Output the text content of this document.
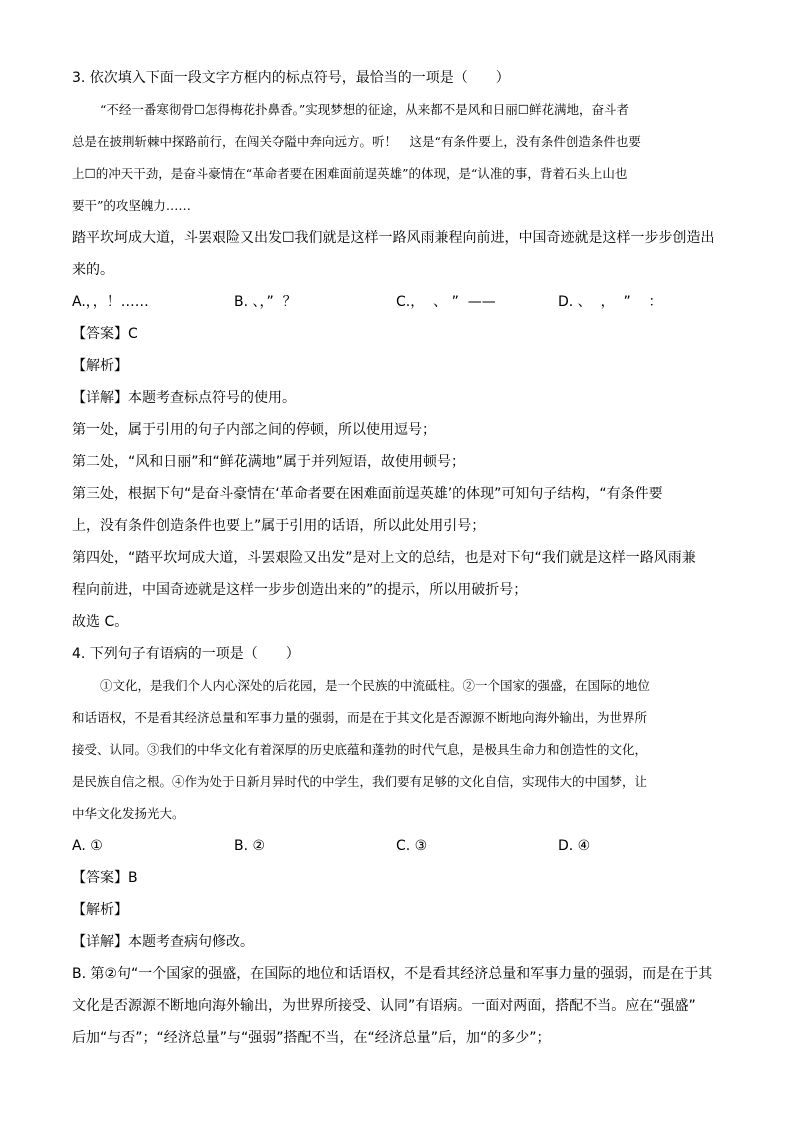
3. 依次填入下面一段文字方框内的标点符号，最恰当的一项是（　　）
“不经一番寒彻骨☐怎得梅花扑鼻香。”实现梦想的征途，从来都不是风和日丽☐鲜花满地，奋斗者
总是在披荆斩棘中探路前行，在闯关夺隘中奔向远方。听！　这是“有条件要上，没有条件创造条件也要
上☐的冲天干劲，是奋斗豪情在“革命者要在困难面前逞英雄”的体现，是“认准的事，背着石头上山也
要干”的攻坚魄力……
踏平坎坷成大道，斗罢艰险又出发☐我们就是这样一路风雨兼程向前进，中国奇迹就是这样一步步创造出
来的。
A.，，！……	B. 、，”  ？	C.，  、 ”  ——	D. 、  ，  ”    ：
【答案】C
【解析】
【详解】本题考查标点符号的使用。
第一处，属于引用的句子内部之间的停顿，所以使用逗号；
第二处，“风和日丽”和“鲜花满地”属于并列短语，故使用顿号；
第三处，根据下句“是奋斗豪情在‘革命者要在困难面前逞英雄’的体现”可知句子结构，“有条件要
上，没有条件创造条件也要上”属于引用的话语，所以此处用引号；
第四处，“踏平坎坷成大道，斗罢艰险又出发”是对上文的总结，也是对下句“我们就是这样一路风雨兼
程向前进，中国奇迹就是这样一步步创造出来的”的提示，所以用破折号；
故选 C。
4. 下列句子有语病的一项是（　　）
①文化，是我们个人内心深处的后花园，是一个民族的中流砥柱。②一个国家的强盛，在国际的地位
和话语权，不是看其经济总量和军事力量的强弱，而是在于其文化是否源源不断地向海外输出，为世界所
接受、认同。③我们的中华文化有着深厚的历史底蕴和蓬勃的时代气息，是极具生命力和创造性的文化，
是民族自信之根。④作为处于日新月异时代的中学生，我们要有足够的文化自信，实现伟大的中国梦，让
中华文化发扬光大。
A. ①	B. ②	C. ③	D. ④
【答案】B
【解析】
【详解】本题考查病句修改。
B. 第②句“一个国家的强盛，在国际的地位和话语权，不是看其经济总量和军事力量的强弱，而是在于其
文化是否源源不断地向海外输出，为世界所接受、认同”有语病。一面对两面，搭配不当。应在“强盛”
后加“与否”；“经济总量”与“强弱”搭配不当，在“经济总量”后，加“的多少”；
